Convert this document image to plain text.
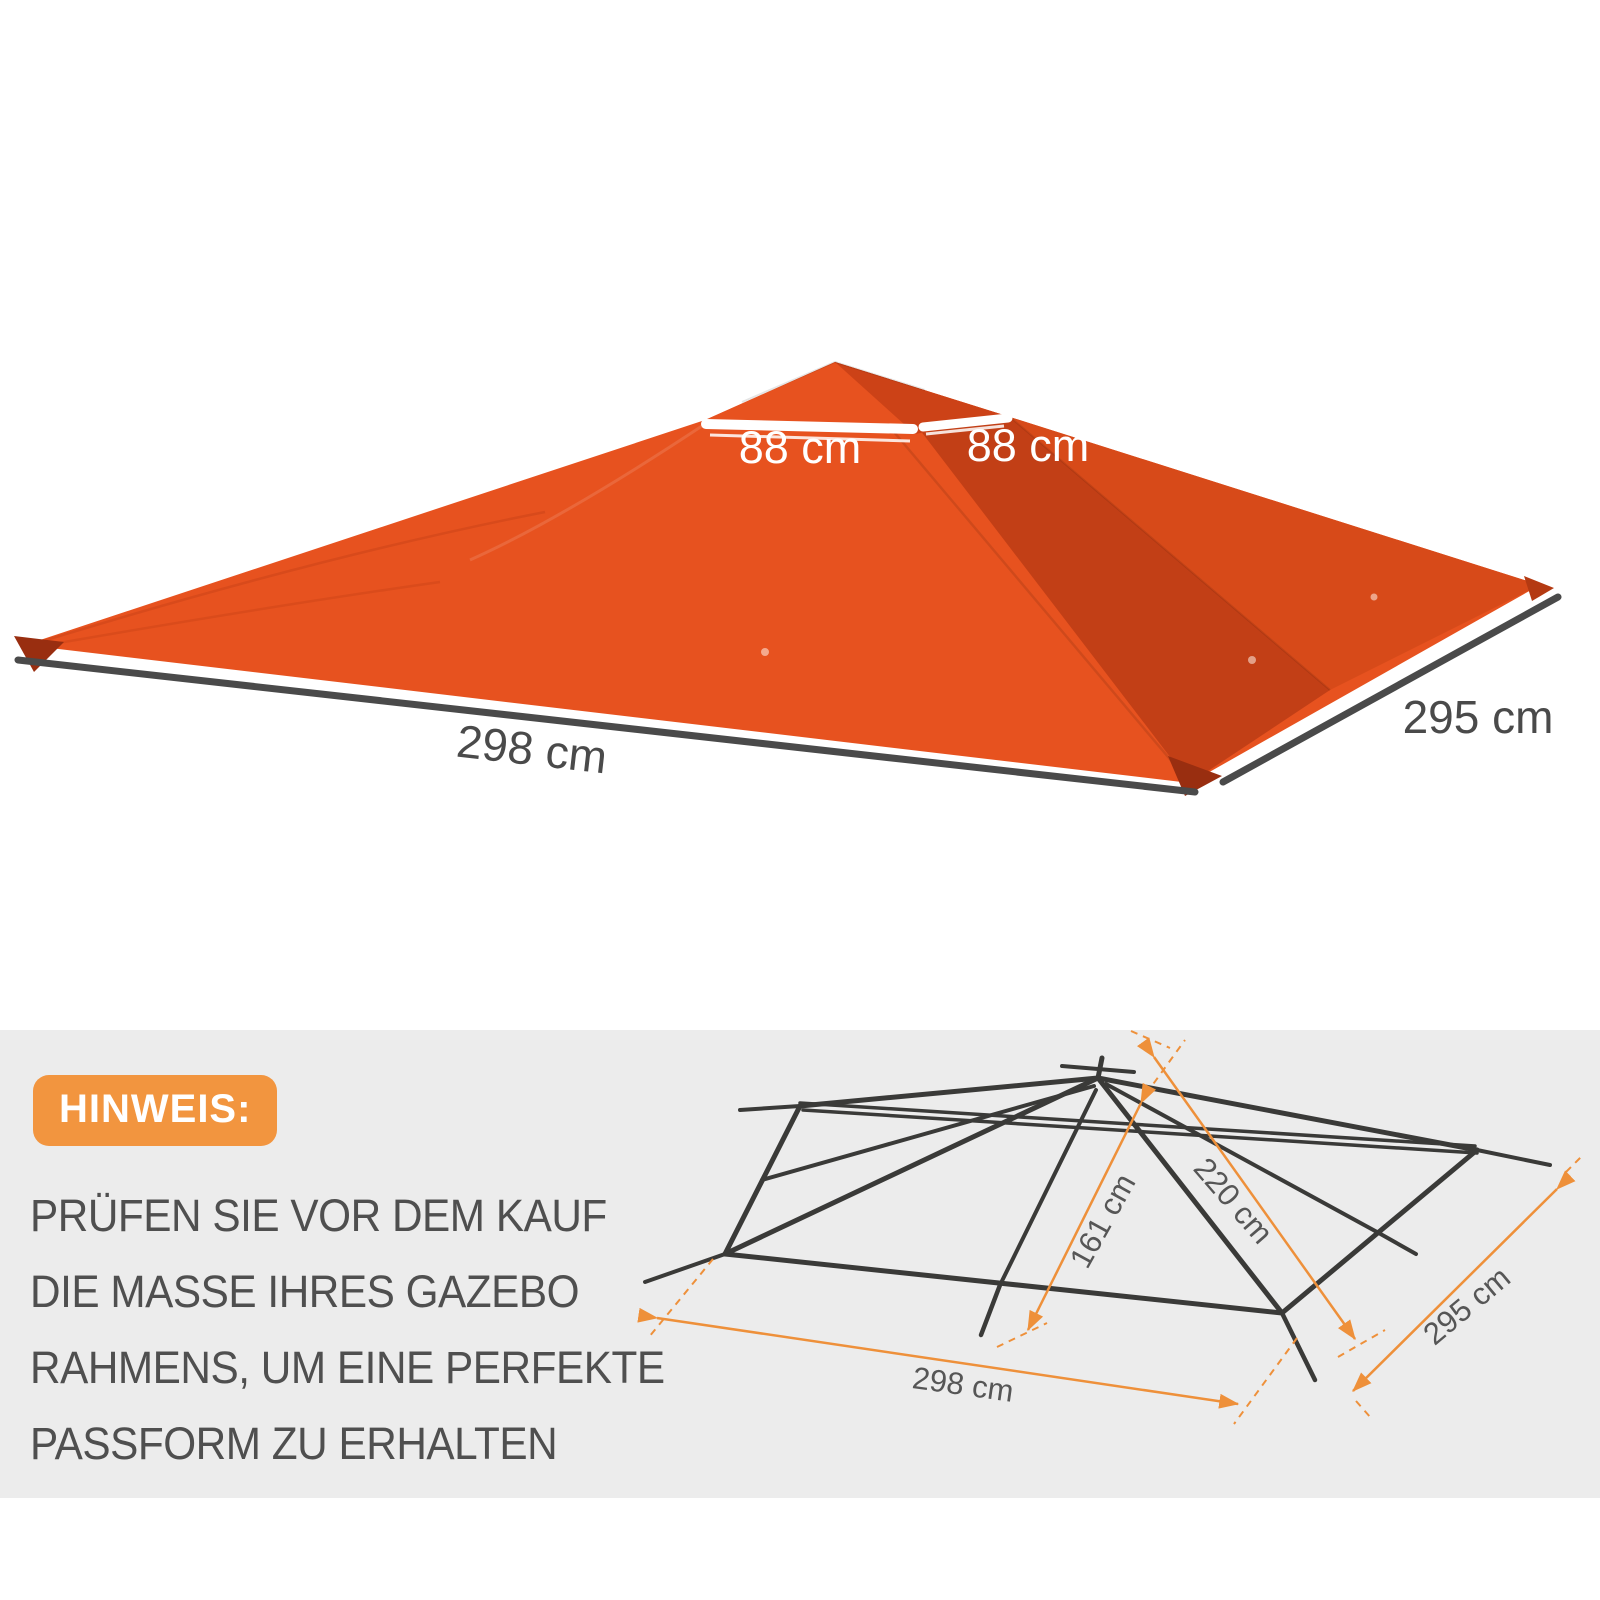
88 cm	88 cm
298 cm	295 cm
HINWEIS:
PRÜFEN SIE VOR DEM KAUF
DIE MASSE IHRES GAZEBO
RAHMENS, UM EINE PERFEKTE
PASSFORM ZU ERHALTEN
161 cm	220 cm
298 cm
295 cm
